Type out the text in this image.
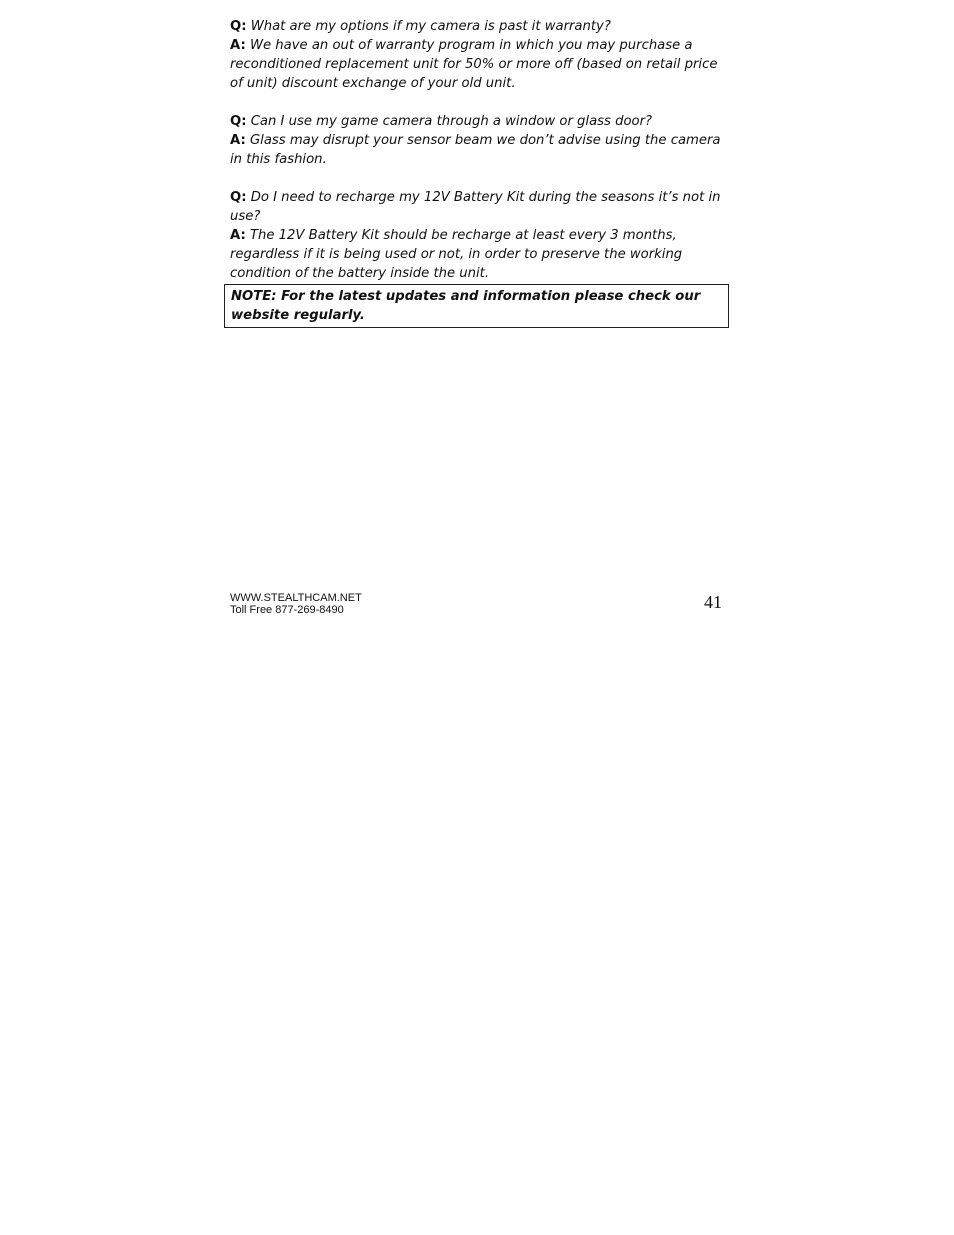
Q: What are my options if my camera is past it warranty?

A: We have an out of warranty program in which you may purchase a reconditioned replacement unit for 50% or more off (based on retail price of unit) discount exchange of your old unit.

Q: Can I use my game camera through a window or glass door?

A: Glass may disrupt your sensor beam we don’t advise using the camera in this fashion.

Q: Do I need to recharge my 12V Battery Kit during the seasons it’s not in use?

A: The 12V Battery Kit should be recharge at least every 3 months, regardless if it is being used or not, in order to preserve the working condition of the battery inside the unit.

NOTE: For the latest updates and information please check our website regularly.
WWW.STEALTHCAM.NET
Toll Free 877-269-8490	41
